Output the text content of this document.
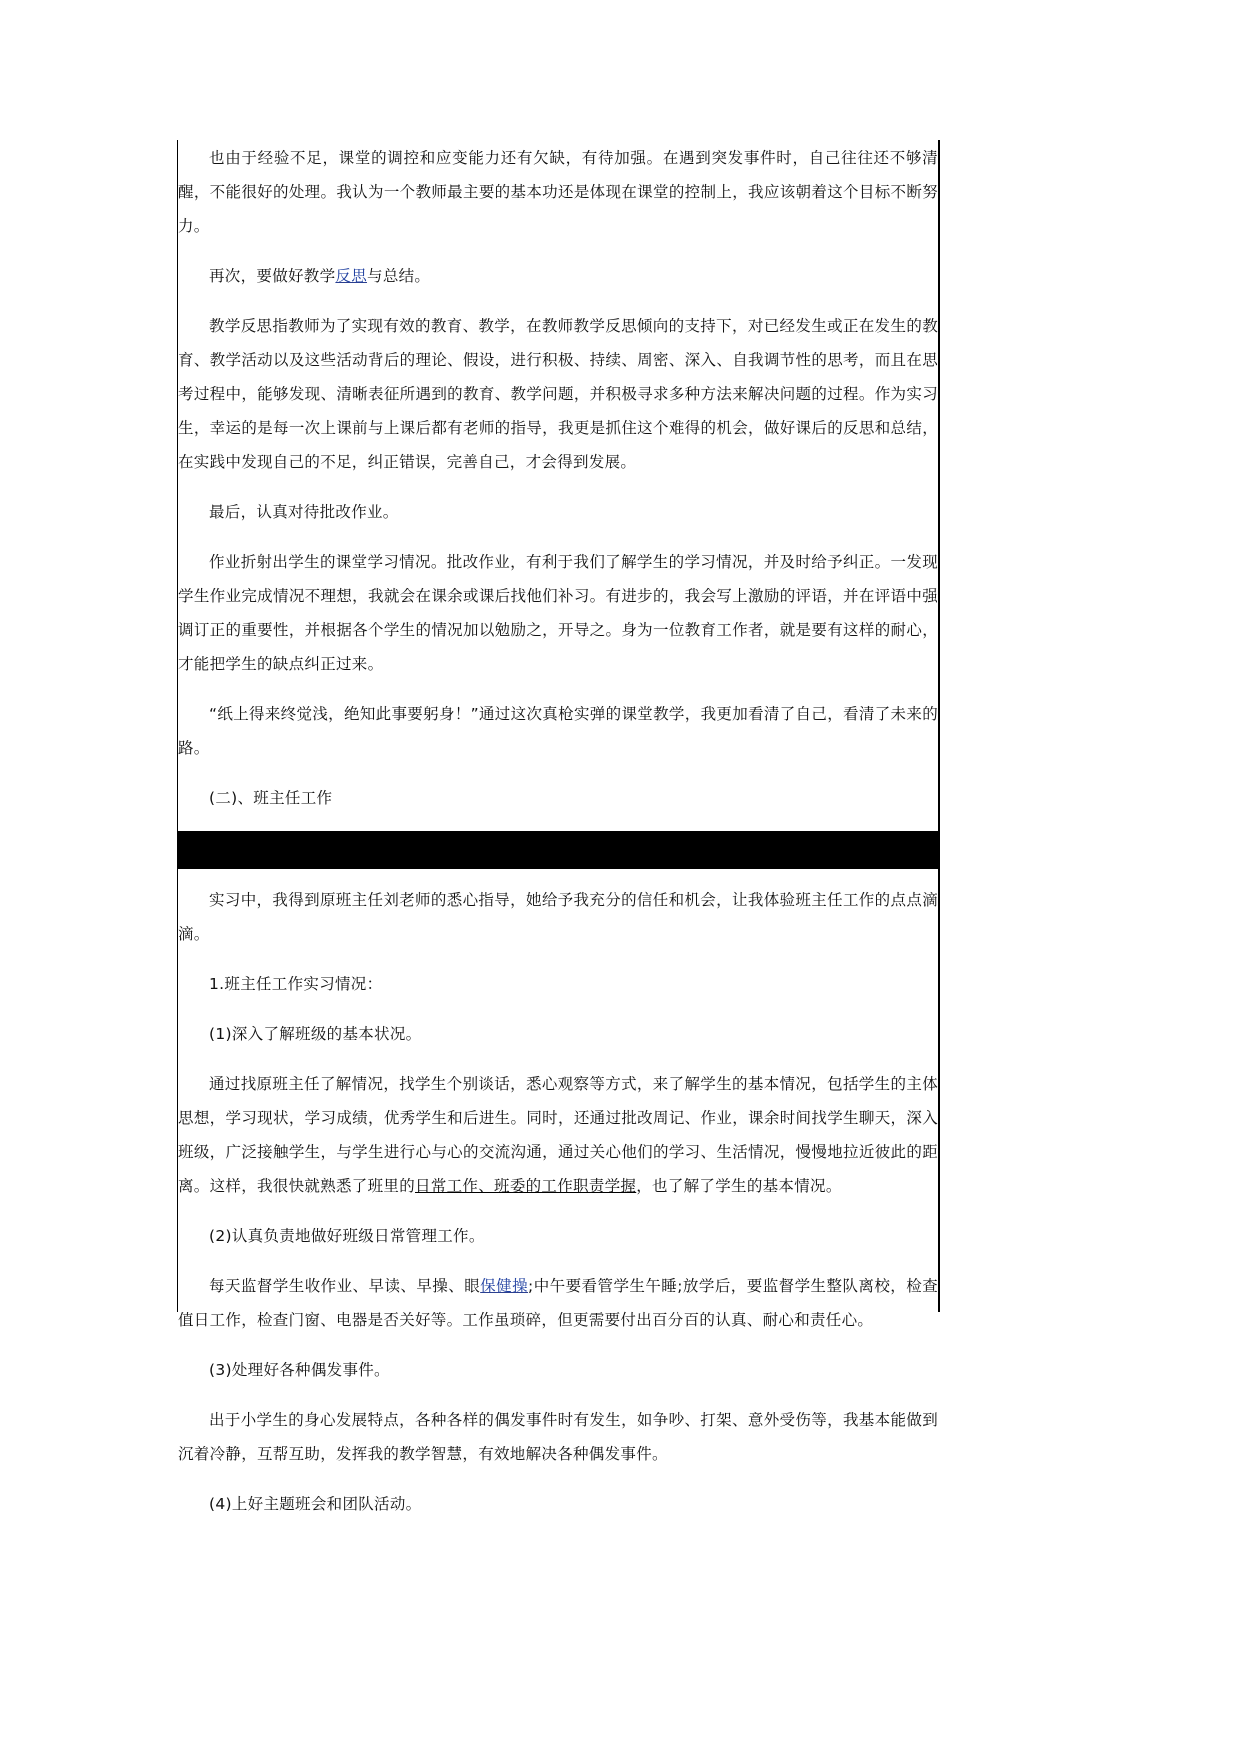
也由于经验不足，课堂的调控和应变能力还有欠缺，有待加强。在遇到突发事件时，自己往往还不够清醒，不能很好的处理。我认为一个教师最主要的基本功还是体现在课堂的控制上，我应该朝着这个目标不断努力。

再次，要做好教学反思与总结。

教学反思指教师为了实现有效的教育、教学，在教师教学反思倾向的支持下，对已经发生或正在发生的教育、教学活动以及这些活动背后的理论、假设，进行积极、持续、周密、深入、自我调节性的思考，而且在思考过程中，能够发现、清晰表征所遇到的教育、教学问题，并积极寻求多种方法来解决问题的过程。作为实习生，幸运的是每一次上课前与上课后都有老师的指导，我更是抓住这个难得的机会，做好课后的反思和总结，在实践中发现自己的不足，纠正错误，完善自己，才会得到发展。

最后，认真对待批改作业。

作业折射出学生的课堂学习情况。批改作业，有利于我们了解学生的学习情况，并及时给予纠正。一发现学生作业完成情况不理想，我就会在课余或课后找他们补习。有进步的，我会写上激励的评语，并在评语中强调订正的重要性，并根据各个学生的情况加以勉励之，开导之。身为一位教育工作者，就是要有这样的耐心，才能把学生的缺点纠正过来。

“纸上得来终觉浅，绝知此事要躬身！”通过这次真枪实弹的课堂教学，我更加看清了自己，看清了未来的路。

(二)、班主任工作

实习中，我得到原班主任刘老师的悉心指导，她给予我充分的信任和机会，让我体验班主任工作的点点滴滴。

1.班主任工作实习情况：

(1)深入了解班级的基本状况。

通过找原班主任了解情况，找学生个别谈话，悉心观察等方式，来了解学生的基本情况，包括学生的主体思想，学习现状，学习成绩，优秀学生和后进生。同时，还通过批改周记、作业，课余时间找学生聊天，深入班级，广泛接触学生，与学生进行心与心的交流沟通，通过关心他们的学习、生活情况，慢慢地拉近彼此的距离。这样，我很快就熟悉了班里的日常工作、班委的工作职责学握，也了解了学生的基本情况。

(2)认真负责地做好班级日常管理工作。

每天监督学生收作业、早读、早操、眼保健操;中午要看管学生午睡;放学后，要监督学生整队离校，检查值日工作，检查门窗、电器是否关好等。工作虽琐碎，但更需要付出百分百的认真、耐心和责任心。

(3)处理好各种偶发事件。

出于小学生的身心发展特点，各种各样的偶发事件时有发生，如争吵、打架、意外受伤等，我基本能做到沉着冷静，互帮互助，发挥我的教学智慧，有效地解决各种偶发事件。

(4)上好主题班会和团队活动。
